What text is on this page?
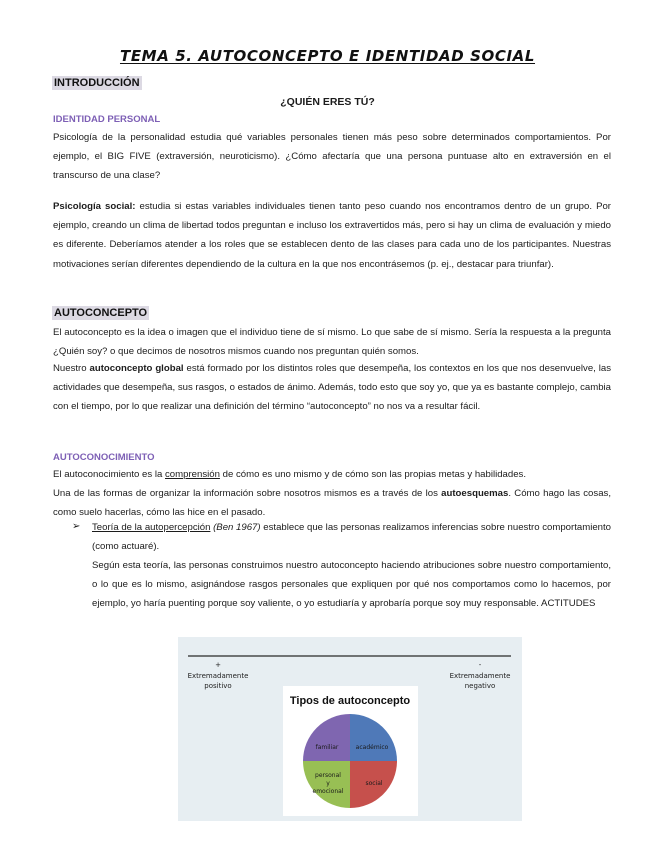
TEMA 5. AUTOCONCEPTO E IDENTIDAD SOCIAL
INTRODUCCIÓN
¿QUIÉN ERES TÚ?
IDENTIDAD PERSONAL

Psicología de la personalidad estudia qué variables personales tienen más peso sobre determinados comportamientos. Por ejemplo, el BIG FIVE (extraversión, neuroticismo). ¿Cómo afectaría que una persona puntuase alto en extraversión en el transcurso de una clase?

Psicología social: estudia si estas variables individuales tienen tanto peso cuando nos encontramos dentro de un grupo. Por ejemplo, creando un clima de libertad todos preguntan e incluso los extravertidos más, pero si hay un clima de evaluación y miedo es diferente. Deberíamos atender a los roles que se establecen dento de las clases para cada uno de los participantes. Nuestras motivaciones serían diferentes dependiendo de la cultura en la que nos encontrásemos (p. ej., destacar para triunfar).

AUTOCONCEPTO

El autoconcepto es la idea o imagen que el individuo tiene de sí mismo. Lo que sabe de sí mismo. Sería la respuesta a la pregunta ¿Quién soy? o que decimos de nosotros mismos cuando nos preguntan quién somos.

Nuestro autoconcepto global está formado por los distintos roles que desempeña, los contextos en los que nos desenvuelve, las actividades que desempeña, sus rasgos, o estados de ánimo. Además, todo esto que soy yo, que ya es bastante complejo, cambia con el tiempo, por lo que realizar una definición del término “autoconcepto” no nos va a resultar fácil.

AUTOCONOCIMIENTO

El autoconocimiento es la comprensión de cómo es uno mismo y de cómo son las propias metas y habilidades.

Una de las formas de organizar la información sobre nosotros mismos es a través de los autoesquemas. Cómo hago las cosas, como suelo hacerlas, cómo las hice en el pasado.

➢ Teoría de la autopercepción (Ben 1967) establece que las personas realizamos inferencias sobre nuestro comportamiento (como actuaré).

Según esta teoría, las personas construimos nuestro autoconcepto haciendo atribuciones sobre nuestro comportamiento, o lo que es lo mismo, asignándose rasgos personales que expliquen por qué nos comportamos como lo hacemos, por ejemplo, yo haría puenting porque soy valiente, o yo estudiaría y aprobaría porque soy muy responsable. ACTITUDES

+
Extremadamente
positivo
-
Extremadamente
negativo
Tipos de autoconcepto
familiar	académico
personal
y
emocional
social
